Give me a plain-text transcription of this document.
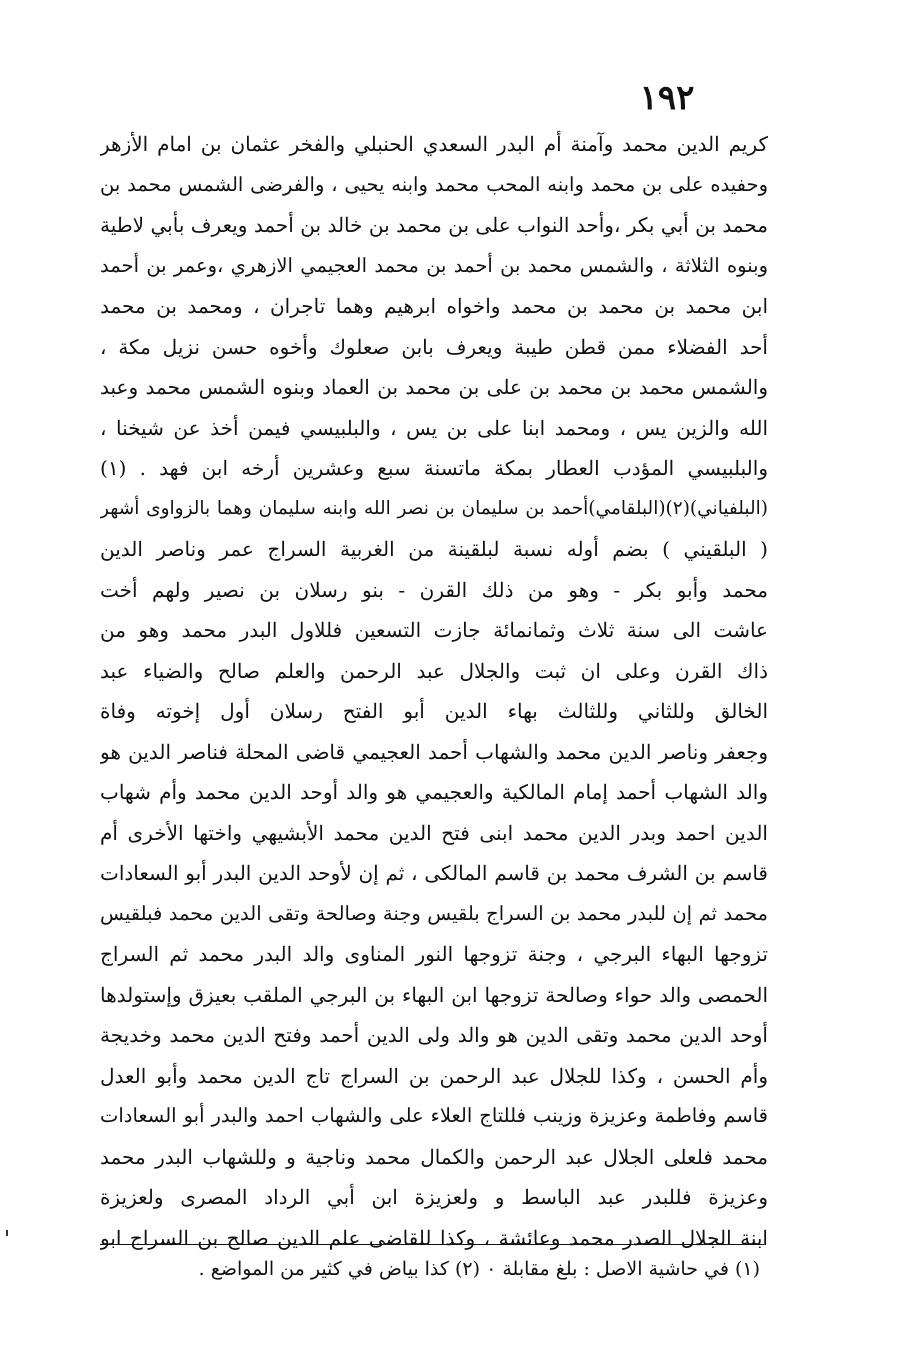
١٩٢
كريم الدين محمد وآمنة أم البدر السعدي الحنبلي والفخر عثمان بن امام الأزهر
وحفيده على بن محمد وابنه المحب محمد وابنه يحيى ، والفرضى الشمس محمد بن
محمد بن أبي بكر ،وأحد النواب على بن محمد بن خالد بن أحمد ويعرف بأبي لاطية
وبنوه الثلاثة ، والشمس محمد بن أحمد بن محمد العجيمي الازهري ،وعمر بن أحمد
ابن محمد بن محمد بن محمد واخواه ابرهيم وهما تاجران ، ومحمد بن محمد
أحد الفضلاء ممن قطن طيبة ويعرف بابن صعلوك وأخوه حسن نزيل مكة ،
والشمس محمد بن محمد بن على بن محمد بن العماد وبنوه الشمس محمد وعبد
الله والزين يس ، ومحمد ابنا على بن يس ، والبلبيسي فيمن أخذ عن شيخنا ،
والبلبيسي المؤدب العطار بمكة ماتسنة سبع وعشرين أرخه ابن فهد . (١)
(البلفياني)(٢)(البلقامي)أحمد بن سليمان بن نصر الله وابنه سليمان وهما بالزواوى أشهر
( البلقيني ) بضم أوله نسبة لبلقينة من الغربية السراج عمر وناصر الدين
محمد وأبو بكر - وهو من ذلك القرن - بنو رسلان بن نصير ولهم أخت
عاشت الى سنة ثلاث وثمانمائة جازت التسعين فللاول البدر محمد وهو من
ذاك القرن وعلى ان ثبت والجلال عبد الرحمن والعلم صالح والضياء عبد
الخالق وللثاني وللثالث بهاء الدين أبو الفتح رسلان أول إخوته وفاة
وجعفر وناصر الدين محمد والشهاب أحمد العجيمي قاضى المحلة فناصر الدين هو
والد الشهاب أحمد إمام المالكية والعجيمي هو والد أوحد الدين محمد وأم شهاب
الدين احمد وبدر الدين محمد ابنى فتح الدين محمد الأبشيهي واختها الأخرى أم
قاسم بن الشرف محمد بن قاسم المالكى ، ثم إن لأوحد الدين البدر أبو السعادات
محمد ثم إن للبدر محمد بن السراج بلقيس وجنة وصالحة وتقى الدين محمد فبلقيس
تزوجها البهاء البرجي ، وجنة تزوجها النور المناوى والد البدر محمد ثم السراج
الحمصى والد حواء وصالحة تزوجها ابن البهاء بن البرجي الملقب بعيزق وإستولدها
أوحد الدين محمد وتقى الدين هو والد ولى الدين أحمد وفتح الدين محمد وخديجة
وأم الحسن ، وكذا للجلال عبد الرحمن بن السراج تاج الدين محمد وأبو العدل
قاسم وفاطمة وعزيزة وزينب فللتاج العلاء على والشهاب احمد والبدر أبو السعادات
محمد فلعلى الجلال عبد الرحمن والكمال محمد وناجية و وللشهاب البدر محمد
وعزيزة فللبدر عبد الباسط و ولعزيزة ابن أبي الرداد المصرى ولعزيزة
ابنة الجلال الصدر محمد وعائشة ، وكذا للقاضى علم الدين صالح بن السراج ابو
(١) في حاشية الاصل : بلغ مقابلة ۰ (٢) كذا بياض في كثير من المواضع .
